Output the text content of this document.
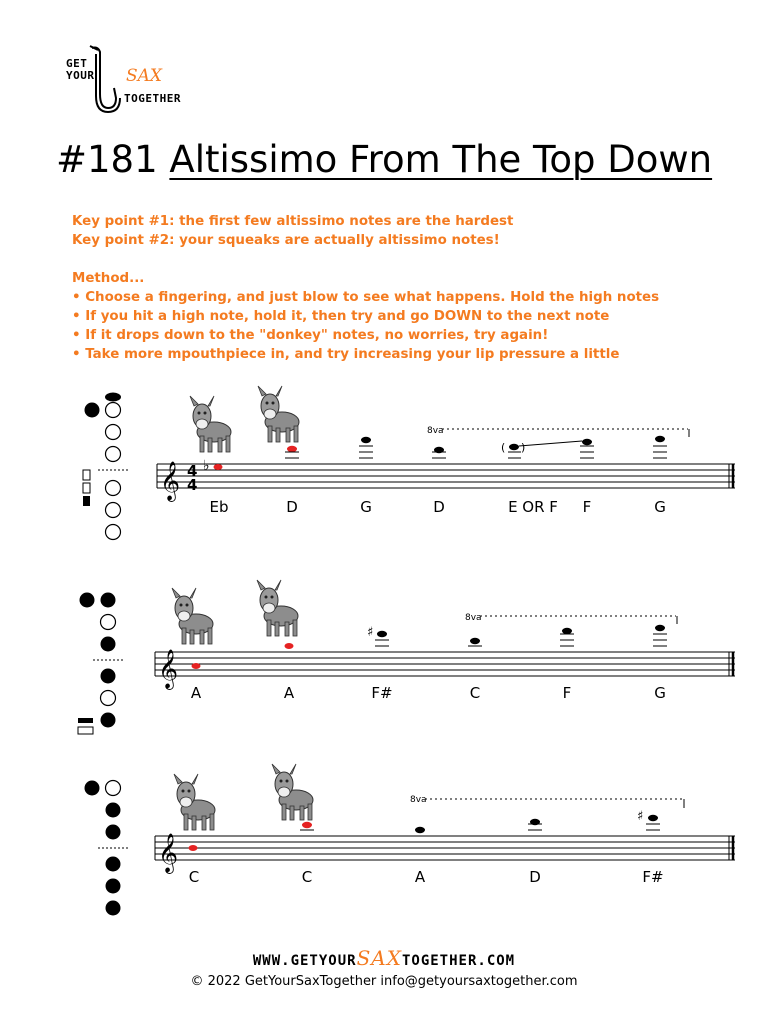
GET
YOUR SAX
TOGETHER
#181 Altissimo From The Top Down
Key point #1: the first few altissimo notes are the hardest
Key point #2: your squeaks are actually altissimo notes!
Method...
• Choose a fingering, and just blow to see what happens. Hold the high notes
• If you hit a high note, hold it, then try and go DOWN to the next note
• If it drops down to the "donkey" notes, no worries, try again!
• Take more mpouthpiece in, and try increasing your lip pressure a little
𝄞 4
4
♭
( )
8va
Eb	D	G	D	E OR F F	G
𝄞
♯
8va
A	A	F#	C	F	G
𝄞
♯
8va
C	C	A	D	F#
WWW.GETYOURSAXTOGETHER.COM
© 2022 GetYourSaxTogether info@getyoursaxtogether.com
